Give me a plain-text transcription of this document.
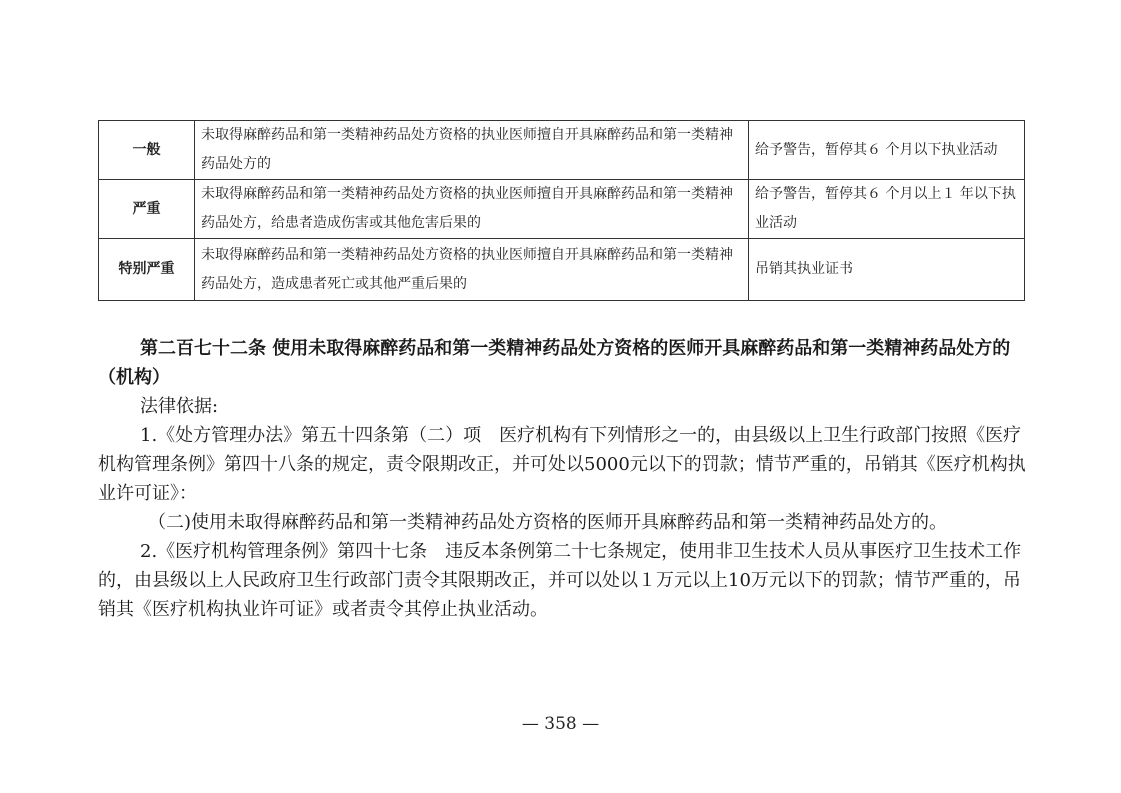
一般	未取得麻醉药品和第一类精神药品处方资格的执业医师擅自开具麻醉药品和第一类精神药品处方的	给予警告，暂停其６ 个月以下执业活动
严重	未取得麻醉药品和第一类精神药品处方资格的执业医师擅自开具麻醉药品和第一类精神药品处方，给患者造成伤害或其他危害后果的	给予警告，暂停其６ 个月以上１ 年以下执业活动
特别严重	未取得麻醉药品和第一类精神药品处方资格的执业医师擅自开具麻醉药品和第一类精神药品处方，造成患者死亡或其他严重后果的	吊销其执业证书

第二百七十二条 使用未取得麻醉药品和第一类精神药品处方资格的医师开具麻醉药品和第一类精神药品处方的（机构）

法律依据:

1.《处方管理办法》第五十四条第（二）项　医疗机构有下列情形之一的，由县级以上卫生行政部门按照《医疗机构管理条例》第四十八条的规定，责令限期改正，并可处以5000元以下的罚款；情节严重的，吊销其《医疗机构执业许可证》：

（二)使用未取得麻醉药品和第一类精神药品处方资格的医师开具麻醉药品和第一类精神药品处方的。

2.《医疗机构管理条例》第四十七条　违反本条例第二十七条规定，使用非卫生技术人员从事医疗卫生技术工作的，由县级以上人民政府卫生行政部门责令其限期改正，并可以处以１万元以上10万元以下的罚款；情节严重的，吊销其《医疗机构执业许可证》或者责令其停止执业活动。

— 358 —
